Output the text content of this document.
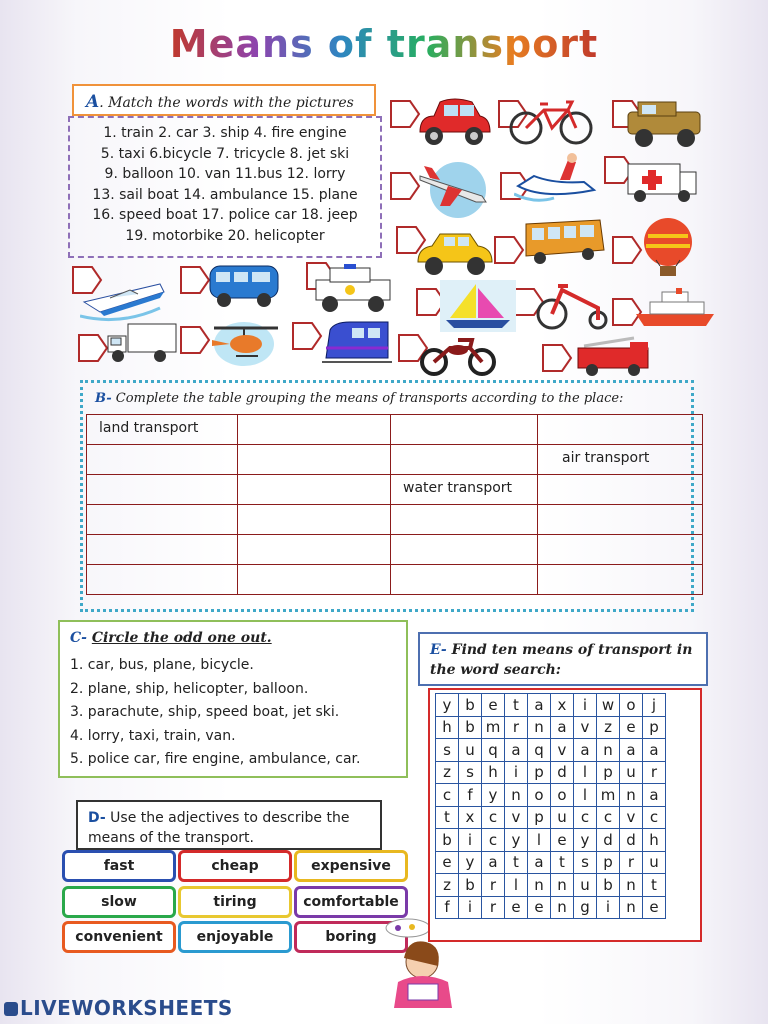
Means of transport
A. Match the words with the pictures
1. train 2. car 3. ship 4. fire engine
5. taxi 6.bicycle 7. tricycle 8. jet ski
9. balloon 10. van 11.bus 12. lorry
13. sail boat 14. ambulance 15. plane
16. speed boat 17. police car 18. jeep
19. motorbike 20. helicopter
B- Complete the table grouping the means of transports according to the place:
land transport			
			air transport
		water transport	

C- Circle the odd one out.
1. car, bus, plane, bicycle.
2. plane, ship, helicopter, balloon.
3. parachute, ship, speed boat, jet ski.
4. lorry, taxi, train, van.
5. police car, fire engine, ambulance, car.
D- Use the adjectives to describe the means of the transport.
fast	cheap	expensive
slow	tiring	comfortable
convenient	enjoyable	boring
E- Find ten means of transport in the word search:
y	b	e	t	a	x	i	w	o	j
h	b	m	r	n	a	v	z	e	p
s	u	q	a	q	v	a	n	a	a
z	s	h	i	p	d	l	p	u	r
c	f	y	n	o	o	l	m	n	a
t	x	c	v	p	u	c	c	v	c
b	i	c	y	l	e	y	d	d	h
e	y	a	t	a	t	s	p	r	u
z	b	r	l	n	n	u	b	n	t
f	i	r	e	e	n	g	i	n	e
LIVEWORKSHEETS
